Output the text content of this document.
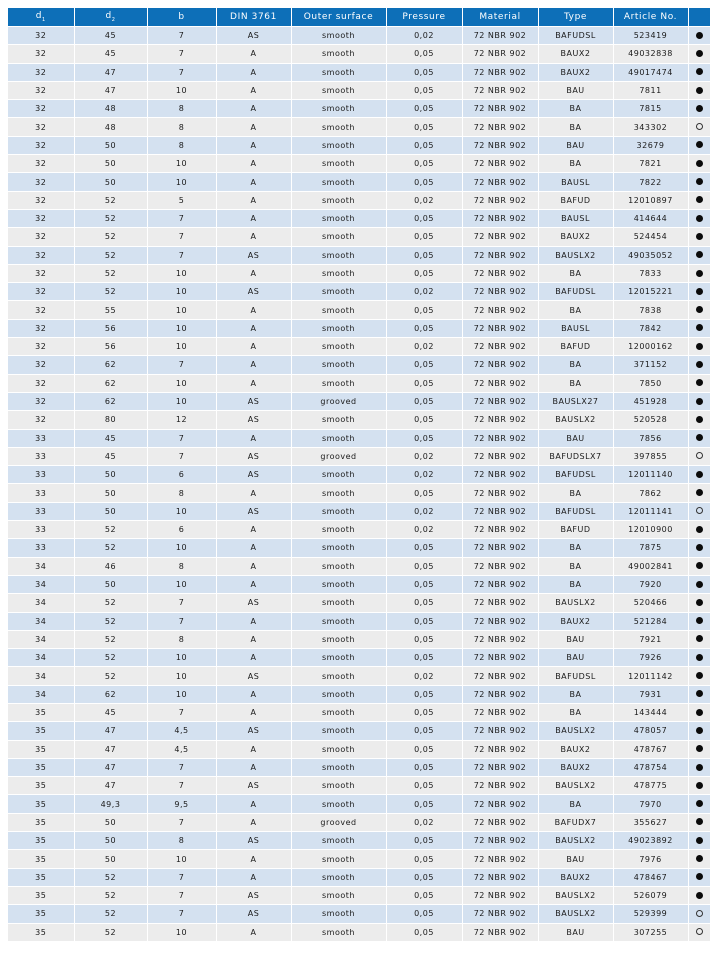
$d_1$	$d_2$	b	DIN 3761	Outer surface	Pressure	Material	Type	Article No.	
32	45	7	AS	smooth	0,02	72 NBR 902	BAFUDSL	523419	
32	45	7	A	smooth	0,05	72 NBR 902	BAUX2	49032838	
32	47	7	A	smooth	0,05	72 NBR 902	BAUX2	49017474	
32	47	10	A	smooth	0,05	72 NBR 902	BAU	7811	
32	48	8	A	smooth	0,05	72 NBR 902	BA	7815	
32	48	8	A	smooth	0,05	72 NBR 902	BA	343302	
32	50	8	A	smooth	0,05	72 NBR 902	BAU	32679	
32	50	10	A	smooth	0,05	72 NBR 902	BA	7821	
32	50	10	A	smooth	0,05	72 NBR 902	BAUSL	7822	
32	52	5	A	smooth	0,02	72 NBR 902	BAFUD	12010897	
32	52	7	A	smooth	0,05	72 NBR 902	BAUSL	414644	
32	52	7	A	smooth	0,05	72 NBR 902	BAUX2	524454	
32	52	7	AS	smooth	0,05	72 NBR 902	BAUSLX2	49035052	
32	52	10	A	smooth	0,05	72 NBR 902	BA	7833	
32	52	10	AS	smooth	0,02	72 NBR 902	BAFUDSL	12015221	
32	55	10	A	smooth	0,05	72 NBR 902	BA	7838	
32	56	10	A	smooth	0,05	72 NBR 902	BAUSL	7842	
32	56	10	A	smooth	0,02	72 NBR 902	BAFUD	12000162	
32	62	7	A	smooth	0,05	72 NBR 902	BA	371152	
32	62	10	A	smooth	0,05	72 NBR 902	BA	7850	
32	62	10	AS	grooved	0,05	72 NBR 902	BAUSLX27	451928	
32	80	12	AS	smooth	0,05	72 NBR 902	BAUSLX2	520528	
33	45	7	A	smooth	0,05	72 NBR 902	BAU	7856	
33	45	7	AS	grooved	0,02	72 NBR 902	BAFUDSLX7	397855	
33	50	6	AS	smooth	0,02	72 NBR 902	BAFUDSL	12011140	
33	50	8	A	smooth	0,05	72 NBR 902	BA	7862	
33	50	10	AS	smooth	0,02	72 NBR 902	BAFUDSL	12011141	
33	52	6	A	smooth	0,02	72 NBR 902	BAFUD	12010900	
33	52	10	A	smooth	0,05	72 NBR 902	BA	7875	
34	46	8	A	smooth	0,05	72 NBR 902	BA	49002841	
34	50	10	A	smooth	0,05	72 NBR 902	BA	7920	
34	52	7	AS	smooth	0,05	72 NBR 902	BAUSLX2	520466	
34	52	7	A	smooth	0,05	72 NBR 902	BAUX2	521284	
34	52	8	A	smooth	0,05	72 NBR 902	BAU	7921	
34	52	10	A	smooth	0,05	72 NBR 902	BAU	7926	
34	52	10	AS	smooth	0,02	72 NBR 902	BAFUDSL	12011142	
34	62	10	A	smooth	0,05	72 NBR 902	BA	7931	
35	45	7	A	smooth	0,05	72 NBR 902	BA	143444	
35	47	4,5	AS	smooth	0,05	72 NBR 902	BAUSLX2	478057	
35	47	4,5	A	smooth	0,05	72 NBR 902	BAUX2	478767	
35	47	7	A	smooth	0,05	72 NBR 902	BAUX2	478754	
35	47	7	AS	smooth	0,05	72 NBR 902	BAUSLX2	478775	
35	49,3	9,5	A	smooth	0,05	72 NBR 902	BA	7970	
35	50	7	A	grooved	0,02	72 NBR 902	BAFUDX7	355627	
35	50	8	AS	smooth	0,05	72 NBR 902	BAUSLX2	49023892	
35	50	10	A	smooth	0,05	72 NBR 902	BAU	7976	
35	52	7	A	smooth	0,05	72 NBR 902	BAUX2	478467	
35	52	7	AS	smooth	0,05	72 NBR 902	BAUSLX2	526079	
35	52	7	AS	smooth	0,05	72 NBR 902	BAUSLX2	529399	
35	52	10	A	smooth	0,05	72 NBR 902	BAU	307255	
